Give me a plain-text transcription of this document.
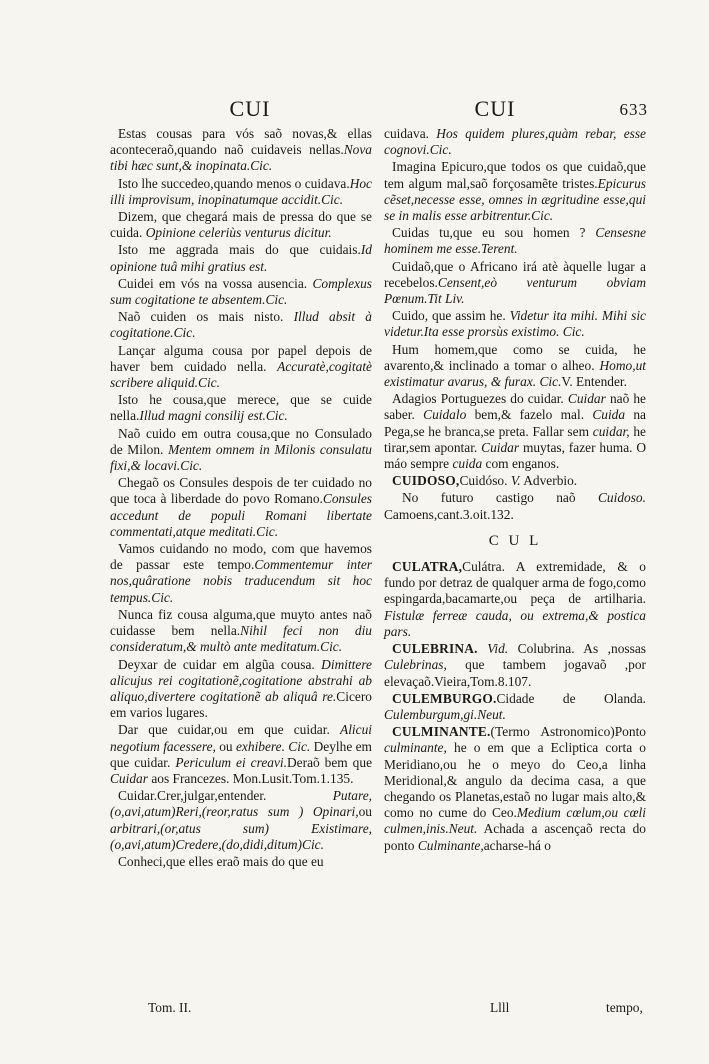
CUI	CUI	633

Estas cousas para vós saõ novas,& ellas aconteceraõ,quando naõ cuidaveis nellas.Nova tibi hæc sunt,& inopinata.Cic.

Isto lhe succedeo,quando menos o cuidava.Hoc illi improvisum, inopinatumque accidit.Cic.

Dizem, que chegará mais de pressa do que se cuida. Opinione celeriùs venturus dicitur.

Isto me aggrada mais do que cuidais.Id opinione tuâ mihi gratius est.

Cuidei em vós na vossa ausencia. Complexus sum cogitatione te absentem.Cic.

Naõ cuiden os mais nisto. Illud absit à cogitatione.Cic.

Lançar alguma cousa por papel depois de haver bem cuidado nella. Accuratè,cogitatè scribere aliquid.Cic.

Isto he cousa,que merece, que se cuide nella.Illud magni consilij est.Cic.

Naõ cuido em outra cousa,que no Consulado de Milon. Mentem omnem in Milonis consulatu fixi,& locavi.Cic.

Chegaõ os Consules despois de ter cuidado no que toca à liberdade do povo Romano.Consules accedunt de populi Romani libertate commentati,atque meditati.Cic.

Vamos cuidando no modo, com que havemos de passar este tempo.Commentemur inter nos,quâratione nobis traducendum sit hoc tempus.Cic.

Nunca fiz cousa alguma,que muyto antes naõ cuidasse bem nella.Nihil feci non diu consideratum,& multò ante meditatum.Cic.

Deyxar de cuidar em algũa cousa. Dimittere alicujus rei cogitationẽ,cogitatione abstrahi ab aliquo,divertere cogitationẽ ab aliquâ re.Cicero em varios lugares.

Dar que cuidar,ou em que cuidar. Alicui negotium facessere, ou exhibere. Cic. Deylhe em que cuidar. Periculum ei creavi.Deraõ bem que Cuidar aos Francezes. Mon.Lusit.Tom.1.135.

Cuidar.Crer,julgar,entender.	Putare, (o,avi,atum)Reri,(reor,ratus sum ) Opinari,ou arbitrari,(or,atus sum)	Existimare, (o,avi,atum)Credere,(do,didi,ditum)Cic.

Conheci,que elles eraõ mais do que eu

cuidava. Hos quidem plures,quàm rebar, esse cognovi.Cic.

Imagina Epicuro,que todos os que cuidaõ,que tem algum mal,saõ forçosamẽte tristes.Epicurus cẽset,necesse esse, omnes in ægritudine esse,qui se in malis esse arbitrentur.Cic.

Cuidas tu,que eu sou homen ? Censesne hominem me esse.Terent.

Cuidaõ,que o Africano irá atè àquelle lugar a recebelos.Censent,eò venturum obviam Pœnum.Tit Liv.

Cuido, que assim he. Videtur ita mihi. Mihi sic videtur.Ita esse prorsùs existimo. Cic.

Hum homem,que como se cuida, he avarento,& inclinado a tomar o alheo. Homo,ut existimatur avarus, & furax. Cic.V. Entender.

Adagios Portuguezes do cuidar. Cuidar naõ he saber. Cuidalo bem,& fazelo mal. Cuida na Pega,se he branca,se preta. Fallar sem cuidar, he tirar,sem apontar. Cuidar muytas, fazer huma. O máo sempre cuida com enganos.

CUIDOSO,Cuidóso. V. Adverbio.

No futuro castigo naõ Cuidoso. Camoens,cant.3.oit.132.

C U L

CULATRA,Culátra. A extremidade, & o fundo por detraz de qualquer arma de fogo,como espingarda,bacamarte,ou peça de artilharia. Fistulæ ferreæ cauda, ou extrema,& postica pars.

CULEBRINA. Vid. Colubrina. As ,nossas Culebrinas, que tambem jogavaõ ,por elevaçaõ.Vieira,Tom.8.107.

CULEMBURGO.Cidade de Olanda. Culemburgum,gi.Neut.

CULMINANTE.(Termo Astronomico)Ponto culminante, he o em que a Ecliptica corta o Meridiano,ou he o meyo do Ceo,a linha Meridional,& angulo da decima casa, a que chegando os Planetas,estaõ no lugar mais alto,& como no cume do Ceo.Medium cœlum,ou cœli culmen,inis.Neut. Achada a ascençaõ recta do ponto Culminante,acharse-há o

Tom. II.	Llll	tempo,
